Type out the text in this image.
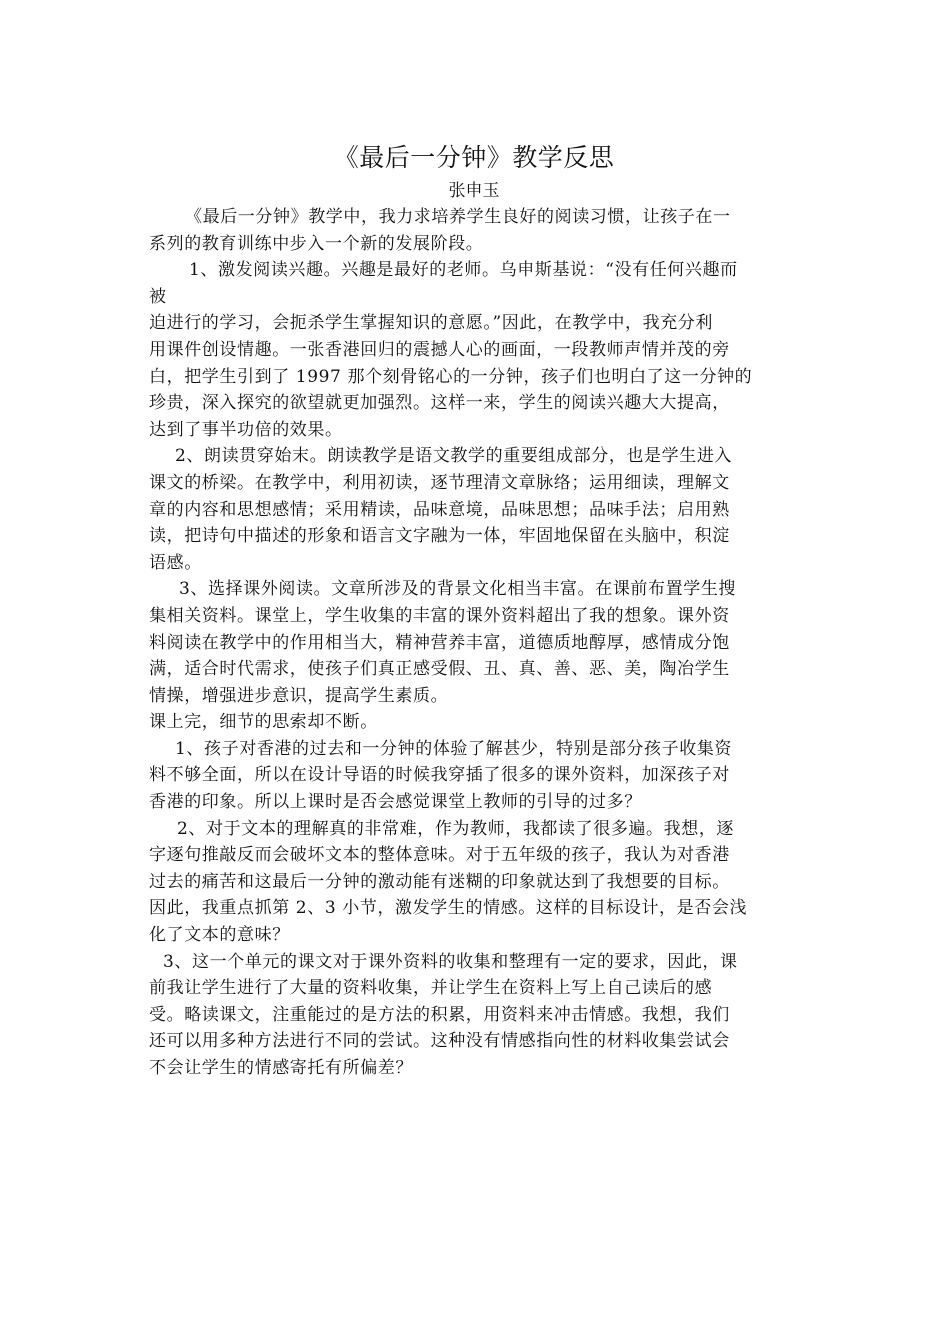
《最后一分钟》教学反思

张申玉

《最后一分钟》教学中，我力求培养学生良好的阅读习惯，让孩子在一
系列的教育训练中步入一个新的发展阶段。
1、激发阅读兴趣。兴趣是最好的老师。乌申斯基说：“没有任何兴趣而
被
迫进行的学习，会扼杀学生掌握知识的意愿。”因此，在教学中，我充分利
用课件创设情趣。一张香港回归的震撼人心的画面，一段教师声情并茂的旁
白，把学生引到了 1997 那个刻骨铭心的一分钟，孩子们也明白了这一分钟的
珍贵，深入探究的欲望就更加强烈。这样一来，学生的阅读兴趣大大提高，
达到了事半功倍的效果。
2、朗读贯穿始末。朗读教学是语文教学的重要组成部分，也是学生进入
课文的桥梁。在教学中，利用初读，逐节理清文章脉络；运用细读，理解文
章的内容和思想感情；采用精读，品味意境，品味思想；品味手法；启用熟
读，把诗句中描述的形象和语言文字融为一体，牢固地保留在头脑中，积淀
语感。
3、选择课外阅读。文章所涉及的背景文化相当丰富。在课前布置学生搜
集相关资料。课堂上，学生收集的丰富的课外资料超出了我的想象。课外资
料阅读在教学中的作用相当大，精神营养丰富，道德质地醇厚，感情成分饱
满，适合时代需求，使孩子们真正感受假、丑、真、善、恶、美，陶冶学生
情操，增强进步意识，提高学生素质。
课上完，细节的思索却不断。
1、孩子对香港的过去和一分钟的体验了解甚少，特别是部分孩子收集资
料不够全面，所以在设计导语的时候我穿插了很多的课外资料，加深孩子对
香港的印象。所以上课时是否会感觉课堂上教师的引导的过多？
2、对于文本的理解真的非常难，作为教师，我都读了很多遍。我想，逐
字逐句推敲反而会破坏文本的整体意味。对于五年级的孩子，我认为对香港
过去的痛苦和这最后一分钟的激动能有迷糊的印象就达到了我想要的目标。
因此，我重点抓第 2、3 小节，激发学生的情感。这样的目标设计，是否会浅
化了文本的意味？
3、这一个单元的课文对于课外资料的收集和整理有一定的要求，因此，课
前我让学生进行了大量的资料收集，并让学生在资料上写上自己读后的感
受。略读课文，注重能过的是方法的积累，用资料来冲击情感。我想，我们
还可以用多种方法进行不同的尝试。这种没有情感指向性的材料收集尝试会
不会让学生的情感寄托有所偏差？
